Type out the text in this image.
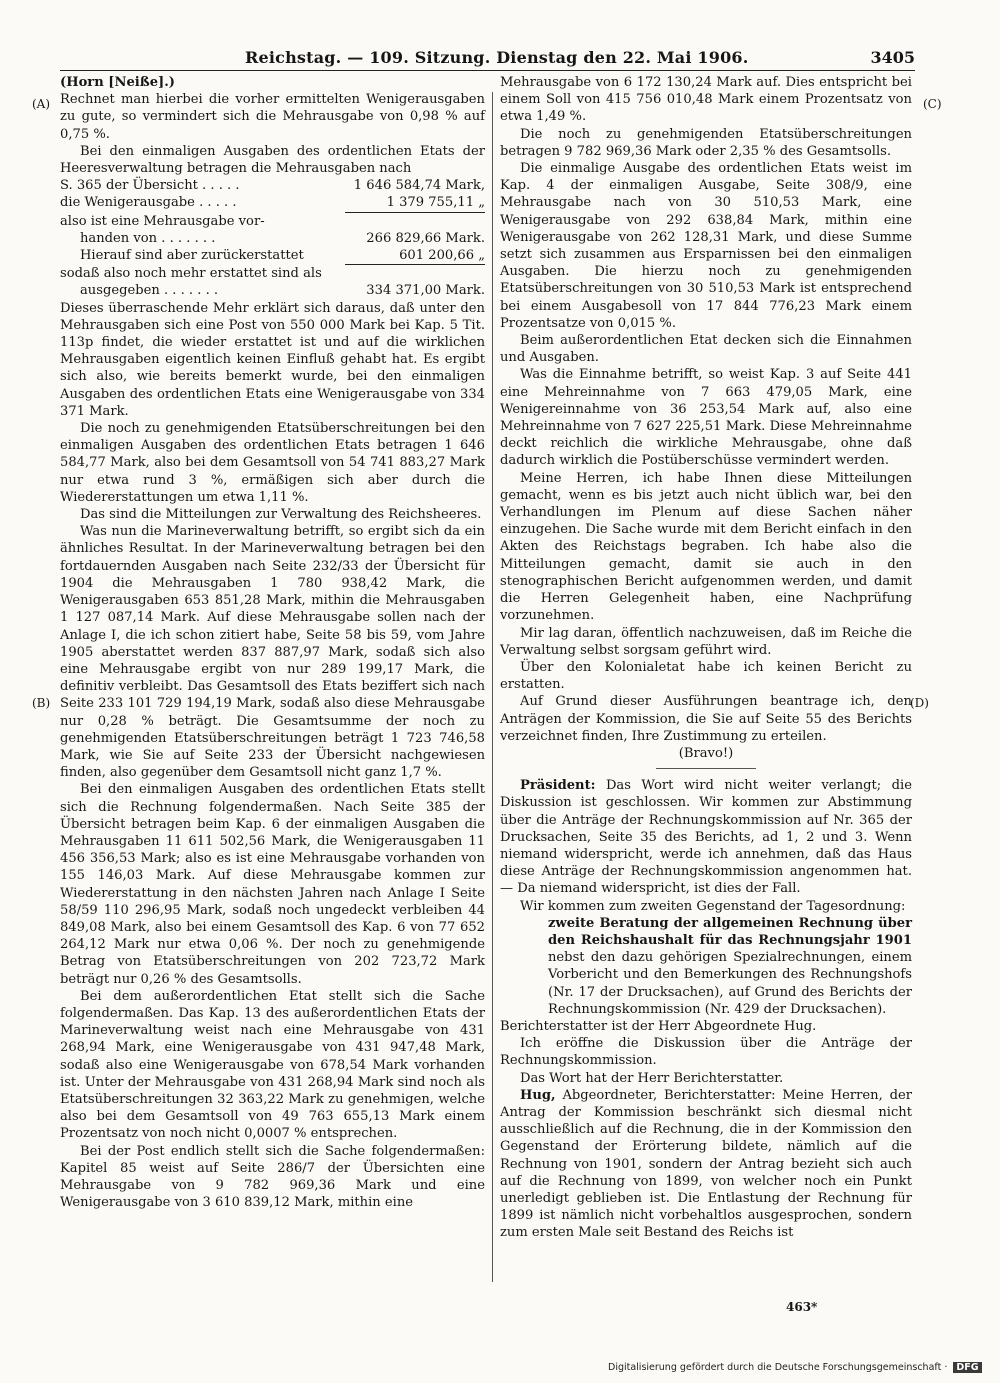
Reichstag. — 109. Sitzung. Dienstag den 22. Mai 1906.	3405
(A)
(B)
(C)
(D)

(Horn [Neiße].)

Rechnet man hierbei die vorher ermittelten Wenigerausgaben zu gute, so vermindert sich die Mehrausgabe von 0,98 % auf 0,75 %.

Bei den einmaligen Ausgaben des ordentlichen Etats der Heeresverwaltung betragen die Mehrausgaben nach

S. 365 der Übersicht . . . . .	1 646 584,74 Mark,
die Wenigerausgabe . . . . .	1 379 755,11 „
also ist eine Mehrausgabe vor-
handen von . . . . . . .	266 829,66 Mark.
Hierauf sind aber zurückerstattet	601 200,66 „
sodaß also noch mehr erstattet sind als
ausgegeben . . . . . . .	334 371,00 Mark.

Dieses überraschende Mehr erklärt sich daraus, daß unter den Mehrausgaben sich eine Post von 550 000 Mark bei Kap. 5 Tit. 113p findet, die wieder erstattet ist und auf die wirklichen Mehrausgaben eigentlich keinen Einfluß gehabt hat. Es ergibt sich also, wie bereits bemerkt wurde, bei den einmaligen Ausgaben des ordentlichen Etats eine Wenigerausgabe von 334 371 Mark.

Die noch zu genehmigenden Etatsüberschreitungen bei den einmaligen Ausgaben des ordentlichen Etats betragen 1 646 584,77 Mark, also bei dem Gesamtsoll von 54 741 883,27 Mark nur etwa rund 3 %, ermäßigen sich aber durch die Wiedererstattungen um etwa 1,11 %.

Das sind die Mitteilungen zur Verwaltung des Reichsheeres.

Was nun die Marineverwaltung betrifft, so ergibt sich da ein ähnliches Resultat. In der Marineverwaltung betragen bei den fortdauernden Ausgaben nach Seite 232/33 der Übersicht für 1904 die Mehrausgaben 1 780 938,42 Mark, die Wenigerausgaben 653 851,28 Mark, mithin die Mehrausgaben 1 127 087,14 Mark. Auf diese Mehrausgabe sollen nach der Anlage I, die ich schon zitiert habe, Seite 58 bis 59, vom Jahre 1905 aberstattet werden 837 887,97 Mark, sodaß sich also eine Mehrausgabe ergibt von nur 289 199,17 Mark, die definitiv verbleibt. Das Gesamtsoll des Etats beziffert sich nach Seite 233 101 729 194,19 Mark, sodaß also diese Mehrausgabe nur 0,28 % beträgt. Die Gesamtsumme der noch zu genehmigenden Etatsüberschreitungen beträgt 1 723 746,58 Mark, wie Sie auf Seite 233 der Übersicht nachgewiesen finden, also gegenüber dem Gesamtsoll nicht ganz 1,7 %.

Bei den einmaligen Ausgaben des ordentlichen Etats stellt sich die Rechnung folgendermaßen. Nach Seite 385 der Übersicht betragen beim Kap. 6 der einmaligen Ausgaben die Mehrausgaben 11 611 502,56 Mark, die Wenigerausgaben 11 456 356,53 Mark; also es ist eine Mehrausgabe vorhanden von 155 146,03 Mark. Auf diese Mehrausgabe kommen zur Wiedererstattung in den nächsten Jahren nach Anlage I Seite 58/59 110 296,95 Mark, sodaß noch ungedeckt verbleiben 44 849,08 Mark, also bei einem Gesamtsoll des Kap. 6 von 77 652 264,12 Mark nur etwa 0,06 %. Der noch zu genehmigende Betrag von Etatsüberschreitungen von 202 723,72 Mark beträgt nur 0,26 % des Gesamtsolls.

Bei dem außerordentlichen Etat stellt sich die Sache folgendermaßen. Das Kap. 13 des außerordentlichen Etats der Marineverwaltung weist nach eine Mehrausgabe von 431 268,94 Mark, eine Wenigerausgabe von 431 947,48 Mark, sodaß also eine Wenigerausgabe von 678,54 Mark vorhanden ist. Unter der Mehrausgabe von 431 268,94 Mark sind noch als Etatsüberschreitungen 32 363,22 Mark zu genehmigen, welche also bei dem Gesamtsoll von 49 763 655,13 Mark einem Prozentsatz von noch nicht 0,0007 % entsprechen.

Bei der Post endlich stellt sich die Sache folgendermaßen: Kapitel 85 weist auf Seite 286/7 der Übersichten eine Mehrausgabe von 9 782 969,36 Mark und eine Wenigerausgabe von 3 610 839,12 Mark, mithin eine

Mehrausgabe von 6 172 130,24 Mark auf. Dies entspricht bei einem Soll von 415 756 010,48 Mark einem Prozentsatz von etwa 1,49 %.

Die noch zu genehmigenden Etatsüberschreitungen betragen 9 782 969,36 Mark oder 2,35 % des Gesamtsolls.

Die einmalige Ausgabe des ordentlichen Etats weist im Kap. 4 der einmaligen Ausgabe, Seite 308/9, eine Mehrausgabe nach von 30 510,53 Mark, eine Wenigerausgabe von 292 638,84 Mark, mithin eine Wenigerausgabe von 262 128,31 Mark, und diese Summe setzt sich zusammen aus Ersparnissen bei den einmaligen Ausgaben. Die hierzu noch zu genehmigenden Etatsüberschreitungen von 30 510,53 Mark ist entsprechend bei einem Ausgabesoll von 17 844 776,23 Mark einem Prozentsatze von 0,015 %.

Beim außerordentlichen Etat decken sich die Einnahmen und Ausgaben.

Was die Einnahme betrifft, so weist Kap. 3 auf Seite 441 eine Mehreinnahme von 7 663 479,05 Mark, eine Wenigereinnahme von 36 253,54 Mark auf, also eine Mehreinnahme von 7 627 225,51 Mark. Diese Mehreinnahme deckt reichlich die wirkliche Mehrausgabe, ohne daß dadurch wirklich die Postüberschüsse vermindert werden.

Meine Herren, ich habe Ihnen diese Mitteilungen gemacht, wenn es bis jetzt auch nicht üblich war, bei den Verhandlungen im Plenum auf diese Sachen näher einzugehen. Die Sache wurde mit dem Bericht einfach in den Akten des Reichstags begraben. Ich habe also die Mitteilungen gemacht, damit sie auch in den stenographischen Bericht aufgenommen werden, und damit die Herren Gelegenheit haben, eine Nachprüfung vorzunehmen.

Mir lag daran, öffentlich nachzuweisen, daß im Reiche die Verwaltung selbst sorgsam geführt wird.

Über den Kolonialetat habe ich keinen Bericht zu erstatten.

Auf Grund dieser Ausführungen beantrage ich, den Anträgen der Kommission, die Sie auf Seite 55 des Berichts verzeichnet finden, Ihre Zustimmung zu erteilen.

(Bravo!)

Präsident: Das Wort wird nicht weiter verlangt; die Diskussion ist geschlossen. Wir kommen zur Abstimmung über die Anträge der Rechnungskommission auf Nr. 365 der Drucksachen, Seite 35 des Berichts, ad 1, 2 und 3. Wenn niemand widerspricht, werde ich annehmen, daß das Haus diese Anträge der Rechnungskommission angenommen hat. — Da niemand widerspricht, ist dies der Fall.

Wir kommen zum zweiten Gegenstand der Tagesordnung:

zweite Beratung der allgemeinen Rechnung über den Reichshaushalt für das Rechnungsjahr 1901 nebst den dazu gehörigen Spezialrechnungen, einem Vorbericht und den Bemerkungen des Rechnungshofs (Nr. 17 der Drucksachen), auf Grund des Berichts der Rechnungskommission (Nr. 429 der Drucksachen).

Berichterstatter ist der Herr Abgeordnete Hug.

Ich eröffne die Diskussion über die Anträge der Rechnungskommission.

Das Wort hat der Herr Berichterstatter.

Hug, Abgeordneter, Berichterstatter: Meine Herren, der Antrag der Kommission beschränkt sich diesmal nicht ausschließlich auf die Rechnung, die in der Kommission den Gegenstand der Erörterung bildete, nämlich auf die Rechnung von 1901, sondern der Antrag bezieht sich auch auf die Rechnung von 1899, von welcher noch ein Punkt unerledigt geblieben ist. Die Entlastung der Rechnung für 1899 ist nämlich nicht vorbehaltlos ausgesprochen, sondern zum ersten Male seit Bestand des Reichs ist

463*
Digitalisierung gefördert durch die Deutsche Forschungsgemeinschaft · DFG
